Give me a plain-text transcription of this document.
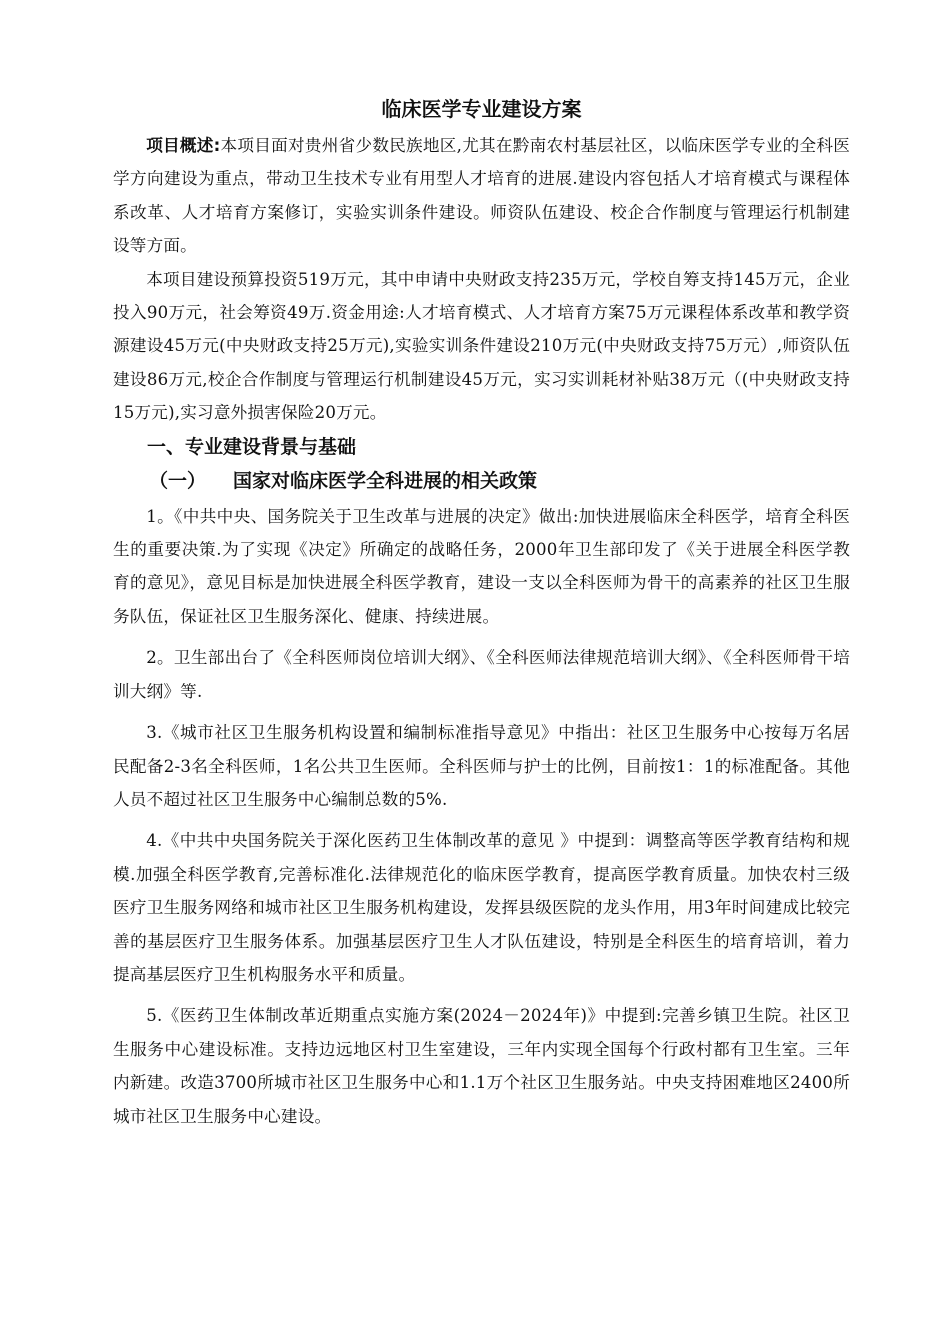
临床医学专业建设方案

项目概述:本项目面对贵州省少数民族地区,尤其在黔南农村基层社区，以临床医学专业的全科医学方向建设为重点，带动卫生技术专业有用型人才培育的进展.建设内容包括人才培育模式与课程体系改革、人才培育方案修订，实验实训条件建设。师资队伍建设、校企合作制度与管理运行机制建设等方面。

本项目建设预算投资519万元，其中申请中央财政支持235万元，学校自筹支持145万元，企业投入90万元，社会筹资49万.资金用途:人才培育模式、人才培育方案75万元课程体系改革和教学资源建设45万元(中央财政支持25万元),实验实训条件建设210万元(中央财政支持75万元）,师资队伍建设86万元,校企合作制度与管理运行机制建设45万元，实习实训耗材补贴38万元（(中央财政支持15万元),实习意外损害保险20万元。

一、专业建设背景与基础
（一） 国家对临床医学全科进展的相关政策

1。《中共中央、国务院关于卫生改革与进展的决定》做出:加快进展临床全科医学，培育全科医生的重要决策.为了实现《决定》所确定的战略任务，2000年卫生部印发了《关于进展全科医学教育的意见》，意见目标是加快进展全科医学教育，建设一支以全科医师为骨干的高素养的社区卫生服务队伍，保证社区卫生服务深化、健康、持续进展。

2。卫生部出台了《全科医师岗位培训大纲》、《全科医师法律规范培训大纲》、《全科医师骨干培训大纲》等.

3.《城市社区卫生服务机构设置和编制标准指导意见》中指出：社区卫生服务中心按每万名居民配备2-3名全科医师，1名公共卫生医师。全科医师与护士的比例，目前按1：1的标准配备。其他人员不超过社区卫生服务中心编制总数的5%.

4.《中共中央国务院关于深化医药卫生体制改革的意见 》中提到：调整高等医学教育结构和规模.加强全科医学教育,完善标准化.法律规范化的临床医学教育，提高医学教育质量。加快农村三级医疗卫生服务网络和城市社区卫生服务机构建设，发挥县级医院的龙头作用，用3年时间建成比较完善的基层医疗卫生服务体系。加强基层医疗卫生人才队伍建设，特别是全科医生的培育培训，着力提高基层医疗卫生机构服务水平和质量。

5.《医药卫生体制改革近期重点实施方案(2024－2024年)》中提到:完善乡镇卫生院。社区卫生服务中心建设标准。支持边远地区村卫生室建设，三年内实现全国每个行政村都有卫生室。三年内新建。改造3700所城市社区卫生服务中心和1.1万个社区卫生服务站。中央支持困难地区2400所城市社区卫生服务中心建设。
